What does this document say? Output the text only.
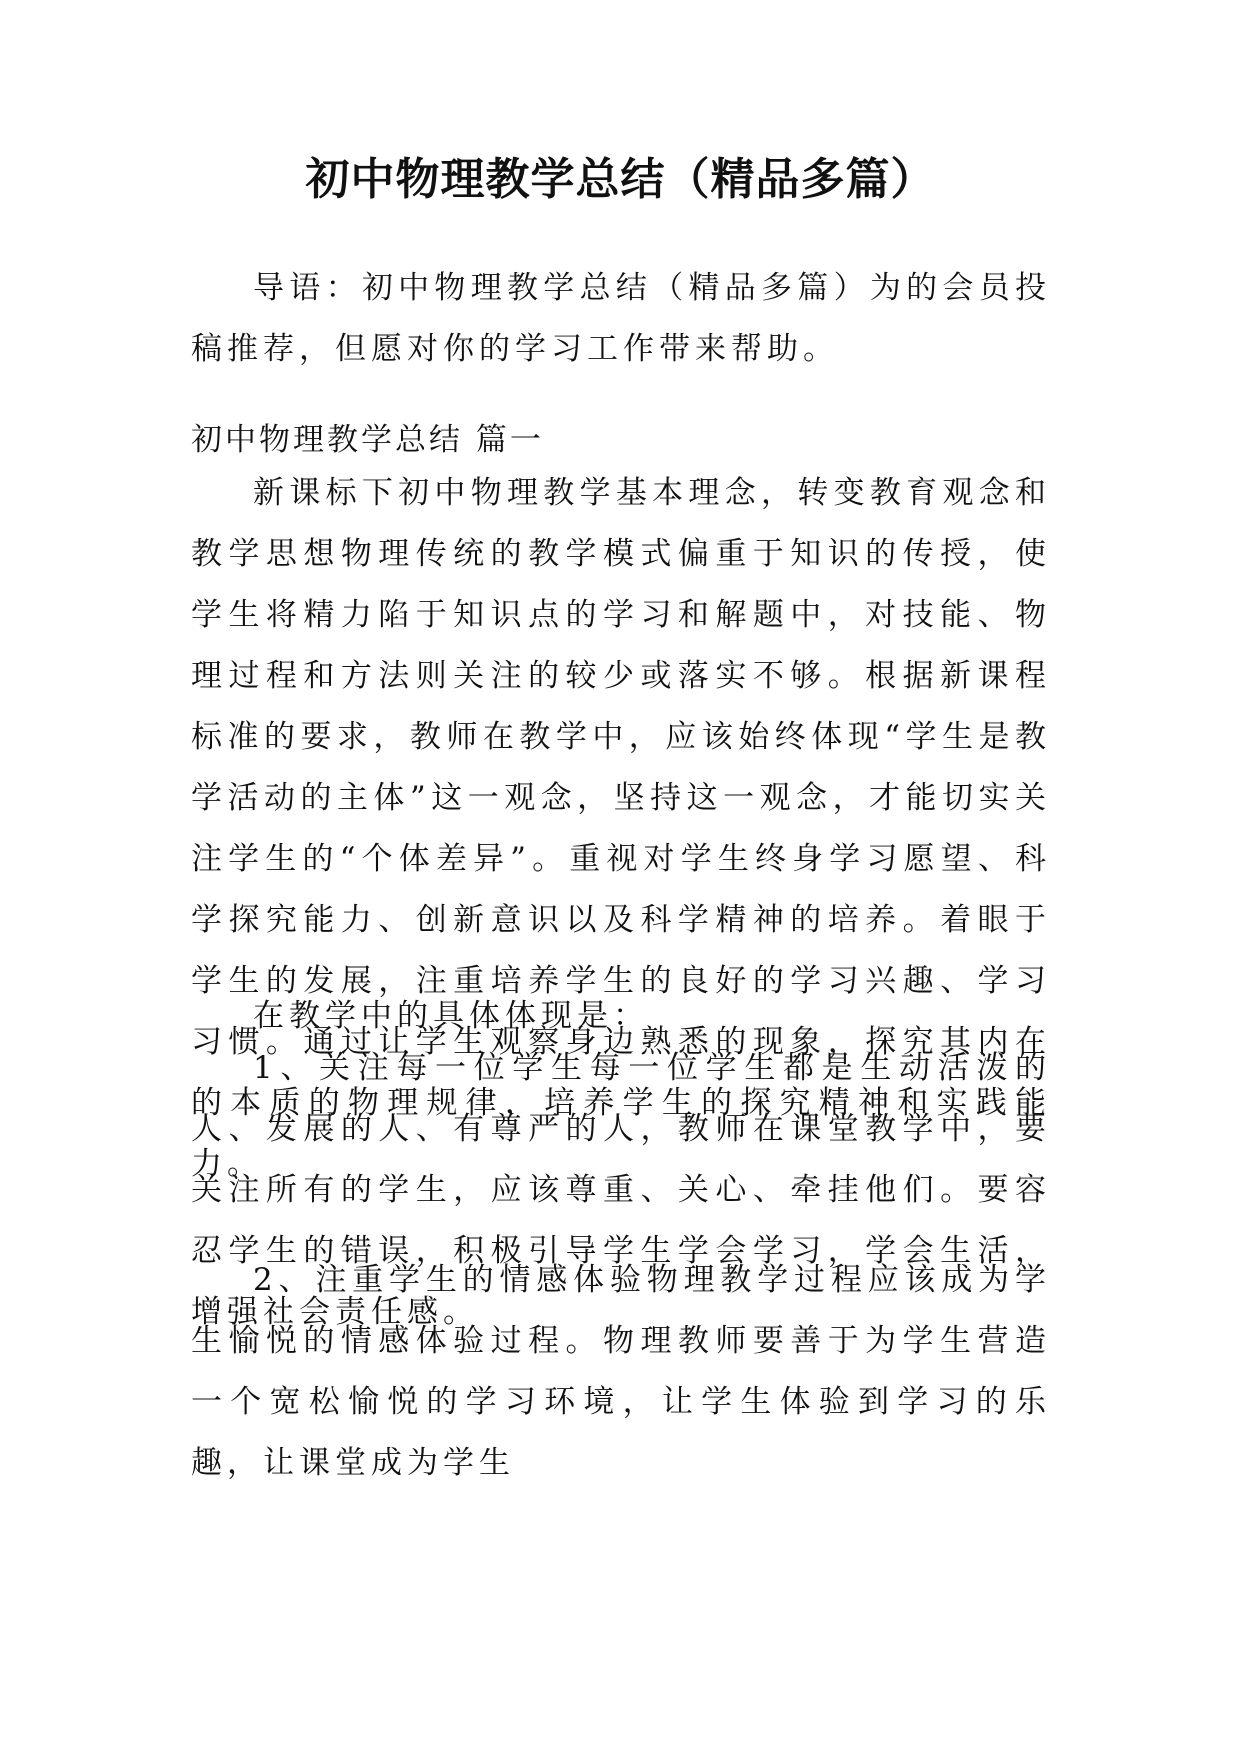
初中物理教学总结（精品多篇）

导语：初中物理教学总结（精品多篇）为的会员投稿推荐，但愿对你的学习工作带来帮助。

初中物理教学总结 篇一

新课标下初中物理教学基本理念，转变教育观念和教学思想物理传统的教学模式偏重于知识的传授，使学生将精力陷于知识点的学习和解题中，对技能、物理过程和方法则关注的较少或落实不够。根据新课程标准的要求，教师在教学中，应该始终体现“学生是教学活动的主体”这一观念，坚持这一观念，才能切实关注学生的“个体差异”。重视对学生终身学习愿望、科学探究能力、创新意识以及科学精神的培养。着眼于学生的发展，注重培养学生的良好的学习兴趣、学习习惯。通过让学生观察身边熟悉的现象，探究其内在的本质的物理规律，培养学生的探究精神和实践能力。

在教学中的具体体现是：

1、关注每一位学生每一位学生都是生动活泼的人、发展的人、有尊严的人，教师在课堂教学中，要关注所有的学生，应该尊重、关心、牵挂他们。要容忍学生的错误，积极引导学生学会学习，学会生活，增强社会责任感。

2、注重学生的情感体验物理教学过程应该成为学生愉悦的情感体验过程。物理教师要善于为学生营造一个宽松愉悦的学习环境，让学生体验到学习的乐趣，让课堂成为学生
